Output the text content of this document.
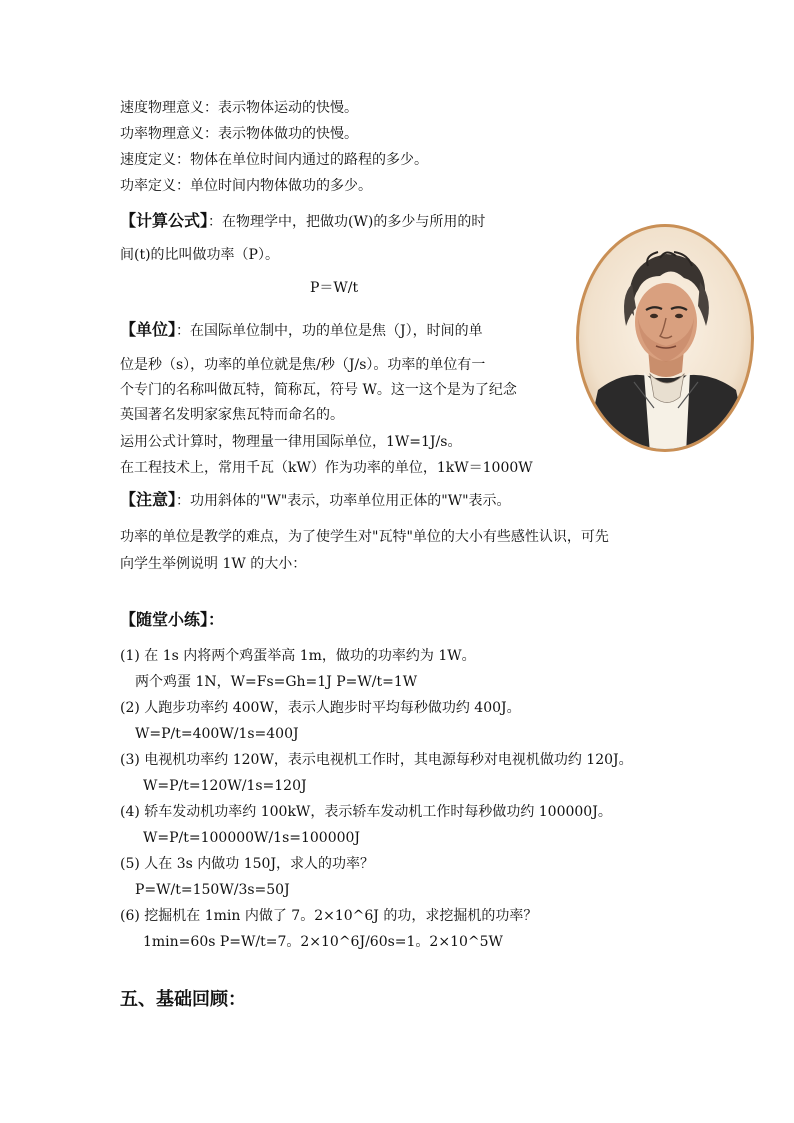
速度物理意义：表示物体运动的快慢。
功率物理意义：表示物体做功的快慢。
速度定义：物体在单位时间内通过的路程的多少。
功率定义：单位时间内物体做功的多少。
【计算公式】：在物理学中，把做功(W)的多少与所用的时
间(t)的比叫做功率（P）。
P＝W/t
【单位】：在国际单位制中，功的单位是焦（J），时间的单
位是秒（s），功率的单位就是焦/秒（J/s）。功率的单位有一
个专门的名称叫做瓦特，简称瓦，符号 W。这一这个是为了纪念
英国著名发明家家焦瓦特而命名的。
运用公式计算时，物理量一律用国际单位，1W=1J/s。
在工程技术上，常用千瓦（kW）作为功率的单位，1kW＝1000W
【注意】：功用斜体的"W"表示，功率单位用正体的"W"表示。
功率的单位是教学的难点，为了使学生对"瓦特"单位的大小有些感性认识，可先
向学生举例说明 1W 的大小：
【随堂小练】：
(1) 在 1s 内将两个鸡蛋举高 1m，做功的功率约为 1W。
两个鸡蛋 1N，W=Fs=Gh=1J P=W/t=1W
(2) 人跑步功率约 400W，表示人跑步时平均每秒做功约 400J。
W=P/t=400W/1s=400J
(3) 电视机功率约 120W，表示电视机工作时，其电源每秒对电视机做功约 120J。
W=P/t=120W/1s=120J
(4) 轿车发动机功率约 100kW，表示轿车发动机工作时每秒做功约 100000J。
W=P/t=100000W/1s=100000J
(5) 人在 3s 内做功 150J，求人的功率？
P=W/t=150W/3s=50J
(6) 挖掘机在 1min 内做了 7。2×10^6J 的功，求挖掘机的功率？
1min=60s P=W/t=7。2×10^6J/60s=1。2×10^5W
五、基础回顾：
